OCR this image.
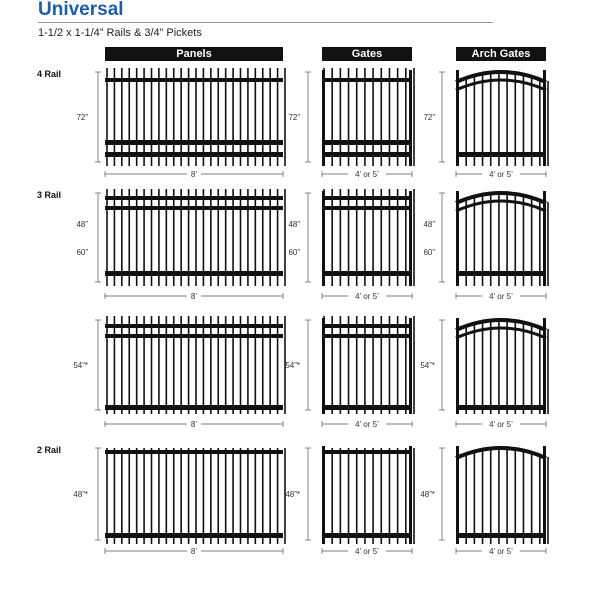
Universal
1-1/2 x 1-1/4” Rails & 3/4” Pickets
Panels	Gates	Arch Gates
4 Rail
8’
72”
4’ or 5’
72”
4’ or 5’
72”
3 Rail
8’
48”
60”
4’ or 5’
48”
60”
4’ or 5’
48”
60”
8’
54”*
4’ or 5’
54”*
4’ or 5’
54”*
2 Rail
8’
48”*
4’ or 5’
48”*
4’ or 5’
48”*
